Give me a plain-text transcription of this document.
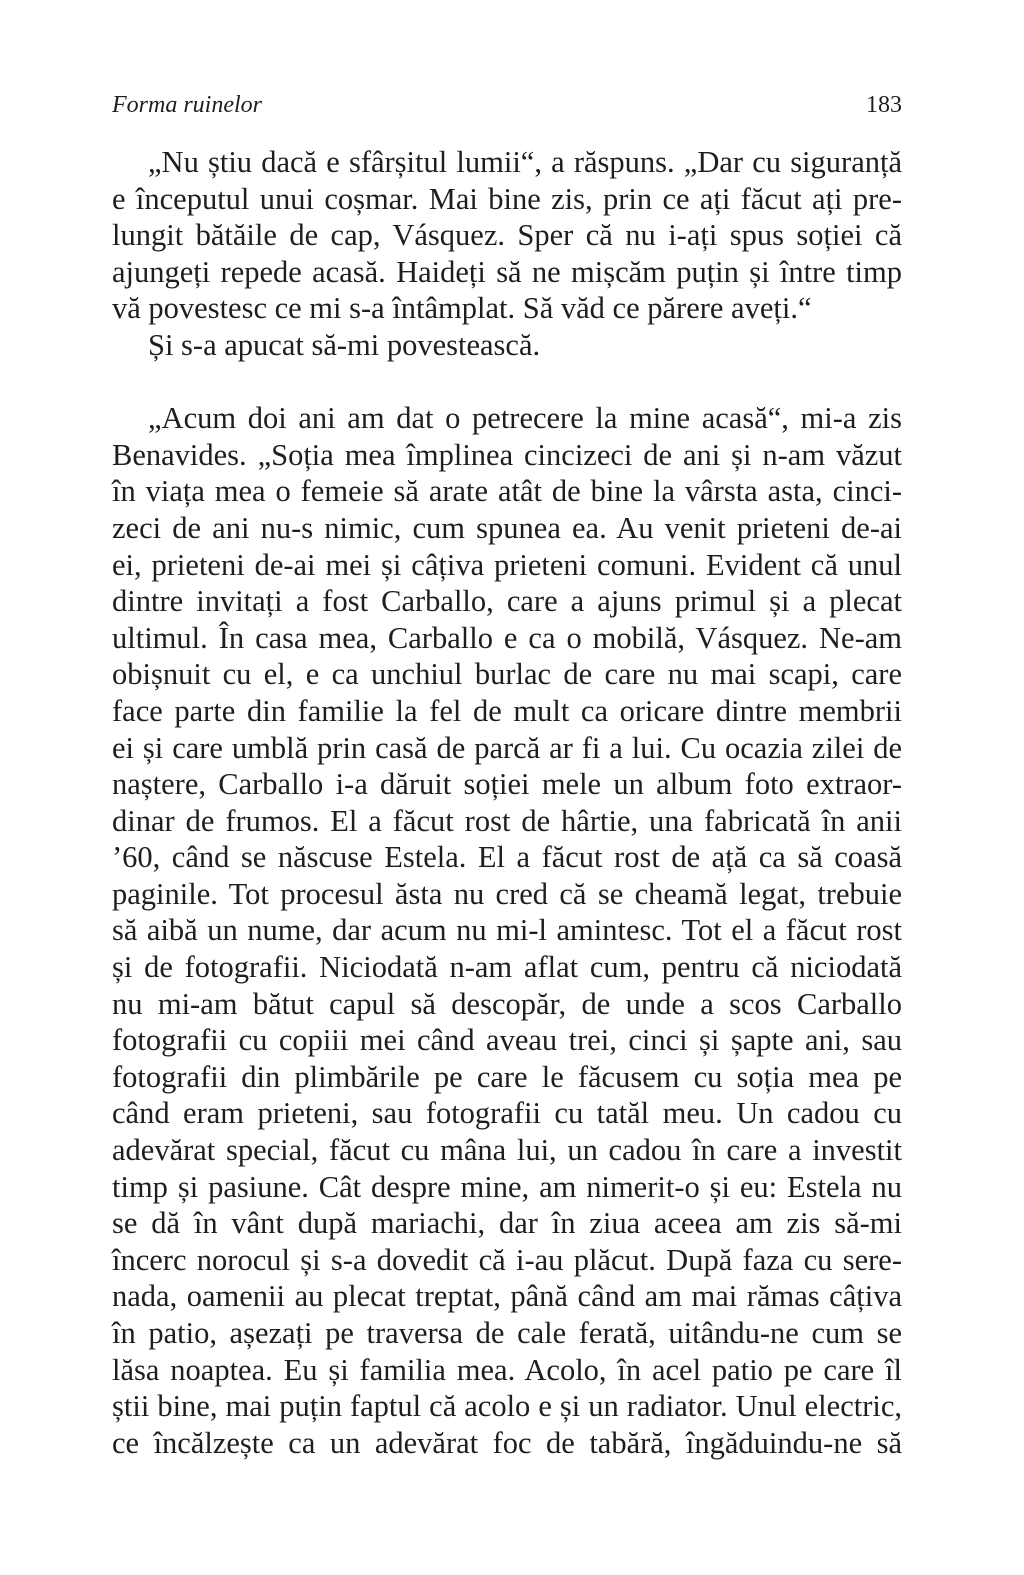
Forma ruinelor	183
„Nu știu dacă e sfârșitul lumii“, a răspuns. „Dar cu siguranță
e începutul unui coșmar. Mai bine zis, prin ce ați făcut ați pre-
lungit bătăile de cap, Vásquez. Sper că nu i-ați spus soției că
ajungeți repede acasă. Haideți să ne mișcăm puțin și între timp
vă povestesc ce mi s-a întâmplat. Să văd ce părere aveți.“
Și s-a apucat să-mi povestească.
„Acum doi ani am dat o petrecere la mine acasă“, mi-a zis
Benavides. „Soția mea împlinea cincizeci de ani și n-am văzut
în viața mea o femeie să arate atât de bine la vârsta asta, cinci-
zeci de ani nu-s nimic, cum spunea ea. Au venit prieteni de-ai
ei, prieteni de-ai mei și câțiva prieteni comuni. Evident că unul
dintre invitați a fost Carballo, care a ajuns primul și a plecat
ultimul. În casa mea, Carballo e ca o mobilă, Vásquez. Ne-am
obișnuit cu el, e ca unchiul burlac de care nu mai scapi, care
face parte din familie la fel de mult ca oricare dintre membrii
ei și care umblă prin casă de parcă ar fi a lui. Cu ocazia zilei de
naștere, Carballo i-a dăruit soției mele un album foto extraor-
dinar de frumos. El a făcut rost de hârtie, una fabricată în anii
’60, când se născuse Estela. El a făcut rost de ață ca să coasă
paginile. Tot procesul ăsta nu cred că se cheamă legat, trebuie
să aibă un nume, dar acum nu mi-l amintesc. Tot el a făcut rost
și de fotografii. Niciodată n-am aflat cum, pentru că niciodată
nu mi-am bătut capul să descopăr, de unde a scos Carballo
fotografii cu copiii mei când aveau trei, cinci și șapte ani, sau
fotografii din plimbările pe care le făcusem cu soția mea pe
când eram prieteni, sau fotografii cu tatăl meu. Un cadou cu
adevărat special, făcut cu mâna lui, un cadou în care a investit
timp și pasiune. Cât despre mine, am nimerit-o și eu: Estela nu
se dă în vânt după mariachi, dar în ziua aceea am zis să-mi
încerc norocul și s-a dovedit că i-au plăcut. După faza cu sere-
nada, oamenii au plecat treptat, până când am mai rămas câțiva
în patio, așezați pe traversa de cale ferată, uitându-ne cum se
lăsa noaptea. Eu și familia mea. Acolo, în acel patio pe care îl
știi bine, mai puțin faptul că acolo e și un radiator. Unul electric,
ce încălzește ca un adevărat foc de tabără, îngăduindu-ne să
